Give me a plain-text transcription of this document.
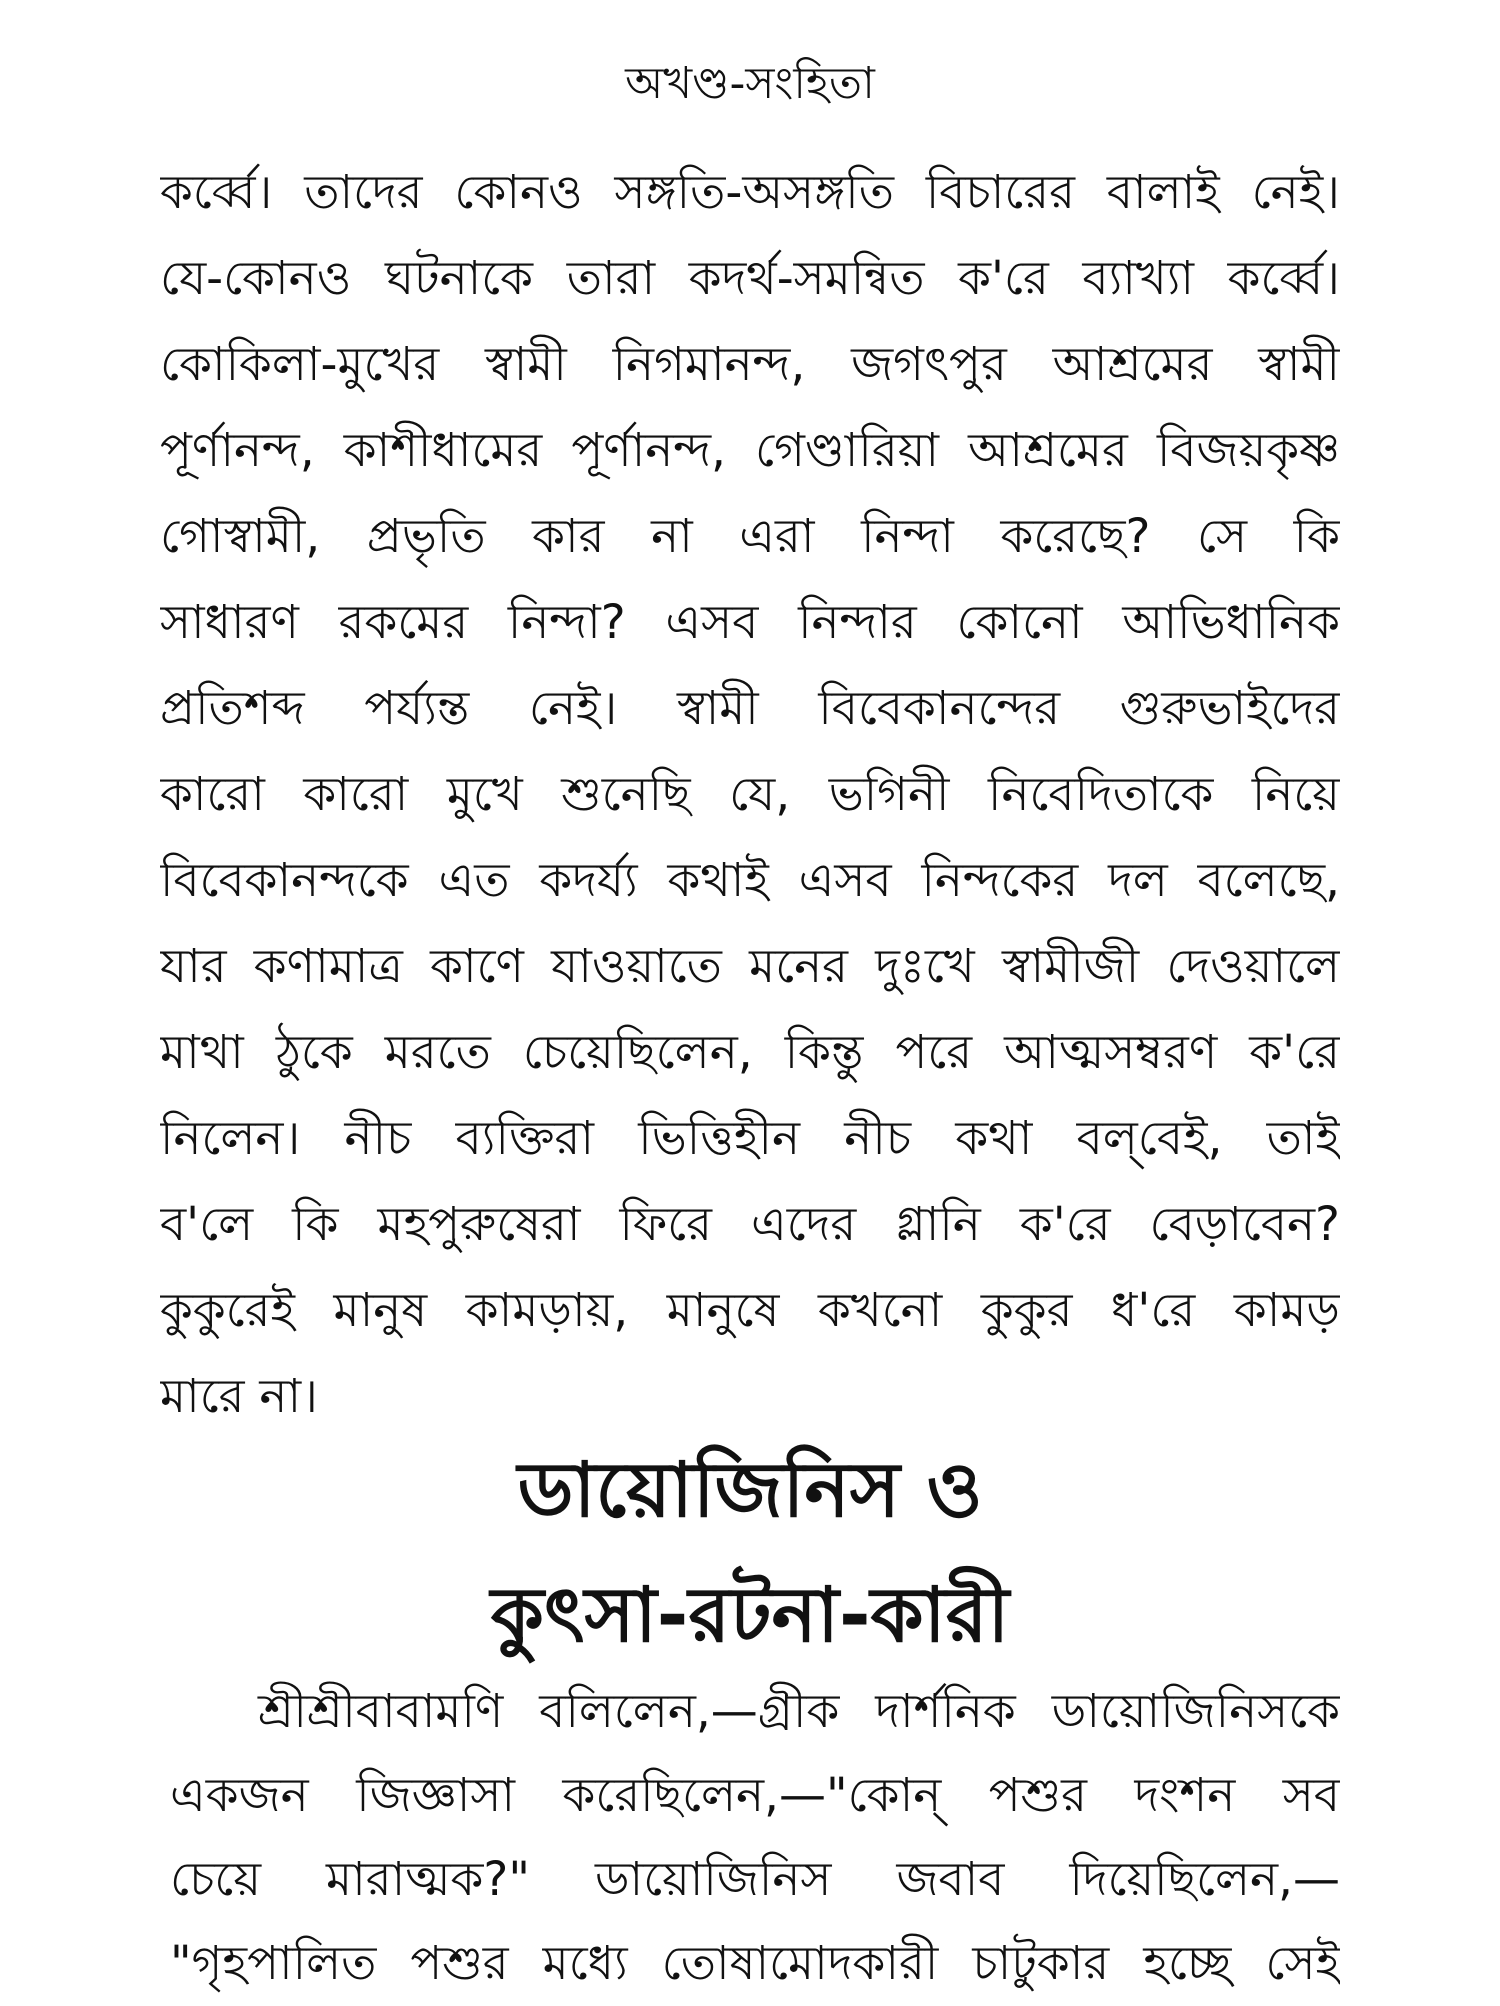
অখণ্ড-সংহিতা
কর্ব্বে। তাদের কোনও সঙ্গতি-অসঙ্গতি বিচারের বালাই নেই।
যে-কোনও ঘটনাকে তারা কদর্থ-সমন্বিত ক'রে ব্যাখ্যা কর্ব্বে।
কোকিলা-মুখের স্বামী নিগমানন্দ, জগৎপুর আশ্রমের স্বামী
পূর্ণানন্দ, কাশীধামের পূর্ণানন্দ, গেণ্ডারিয়া আশ্রমের বিজয়কৃষ্ণ
গোস্বামী, প্রভৃতি কার না এরা নিন্দা করেছে? সে কি
সাধারণ রকমের নিন্দা? এসব নিন্দার কোনো আভিধানিক
প্রতিশব্দ পর্য্যন্ত নেই। স্বামী বিবেকানন্দের গুরুভাইদের
কারো কারো মুখে শুনেছি যে, ভগিনী নিবেদিতাকে নিয়ে
বিবেকানন্দকে এত কদর্য্য কথাই এসব নিন্দকের দল বলেছে,
যার কণামাত্র কাণে যাওয়াতে মনের দুঃখে স্বামীজী দেওয়ালে
মাথা ঠুকে মরতে চেয়েছিলেন, কিন্তু পরে আত্মসম্বরণ ক'রে
নিলেন। নীচ ব্যক্তিরা ভিত্তিহীন নীচ কথা বল্‌বেই, তাই
ব'লে কি মহপুরুষেরা ফিরে এদের গ্লানি ক'রে বেড়াবেন?
কুকুরেই মানুষ কামড়ায়, মানুষে কখনো কুকুর ধ'রে কামড়
মারে না।
ডায়োজিনিস ও
কুৎসা-রটনা-কারী
শ্রীশ্রীবাবামণি বলিলেন,—গ্রীক দার্শনিক ডায়োজিনিসকে
একজন জিজ্ঞাসা করেছিলেন,—"কোন্‌ পশুর দংশন সব
চেয়ে মারাত্মক?" ডায়োজিনিস জবাব দিয়েছিলেন,—
"গৃহপালিত পশুর মধ্যে তোষামোদকারী চাটুকার হচ্ছে সেই
